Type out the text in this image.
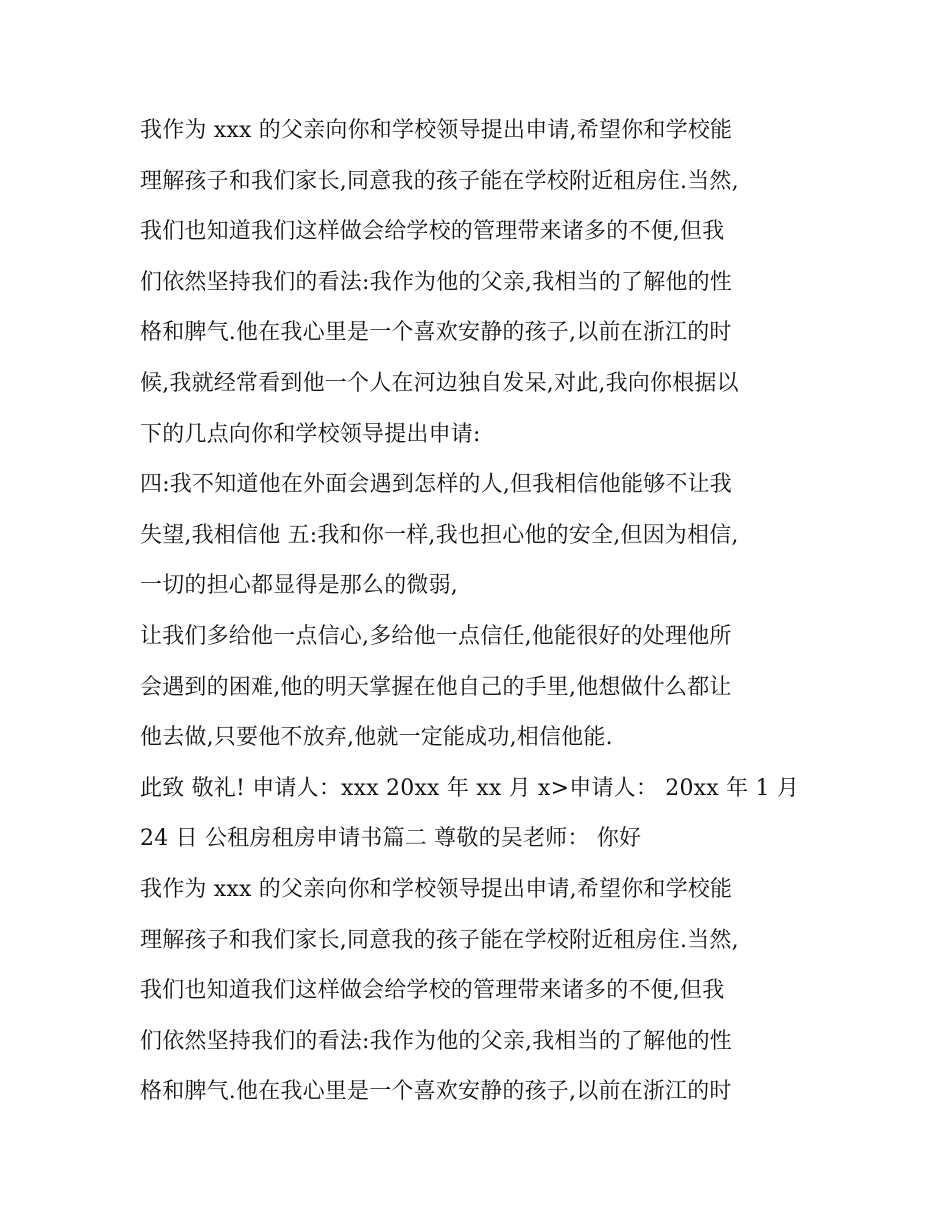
我作为 xxx 的父亲向你和学校领导提出申请,希望你和学校能
理解孩子和我们家长,同意我的孩子能在学校附近租房住.当然,
我们也知道我们这样做会给学校的管理带来诸多的不便,但我
们依然坚持我们的看法:我作为他的父亲,我相当的了解他的性
格和脾气.他在我心里是一个喜欢安静的孩子,以前在浙江的时
候,我就经常看到他一个人在河边独自发呆,对此,我向你根据以
下的几点向你和学校领导提出申请:
四:我不知道他在外面会遇到怎样的人,但我相信他能够不让我
失望,我相信他 五:我和你一样,我也担心他的安全,但因为相信,
一切的担心都显得是那么的微弱,
让我们多给他一点信心,多给他一点信任,他能很好的处理他所
会遇到的困难,他的明天掌握在他自己的手里,他想做什么都让
他去做,只要他不放弃,他就一定能成功,相信他能.
此致 敬礼! 申请人：xxx 20xx 年 xx 月 x>申请人： 20xx 年 1 月
24 日 公租房租房申请书篇二 尊敬的吴老师： 你好
我作为 xxx 的父亲向你和学校领导提出申请,希望你和学校能
理解孩子和我们家长,同意我的孩子能在学校附近租房住.当然,
我们也知道我们这样做会给学校的管理带来诸多的不便,但我
们依然坚持我们的看法:我作为他的父亲,我相当的了解他的性
格和脾气.他在我心里是一个喜欢安静的孩子,以前在浙江的时
